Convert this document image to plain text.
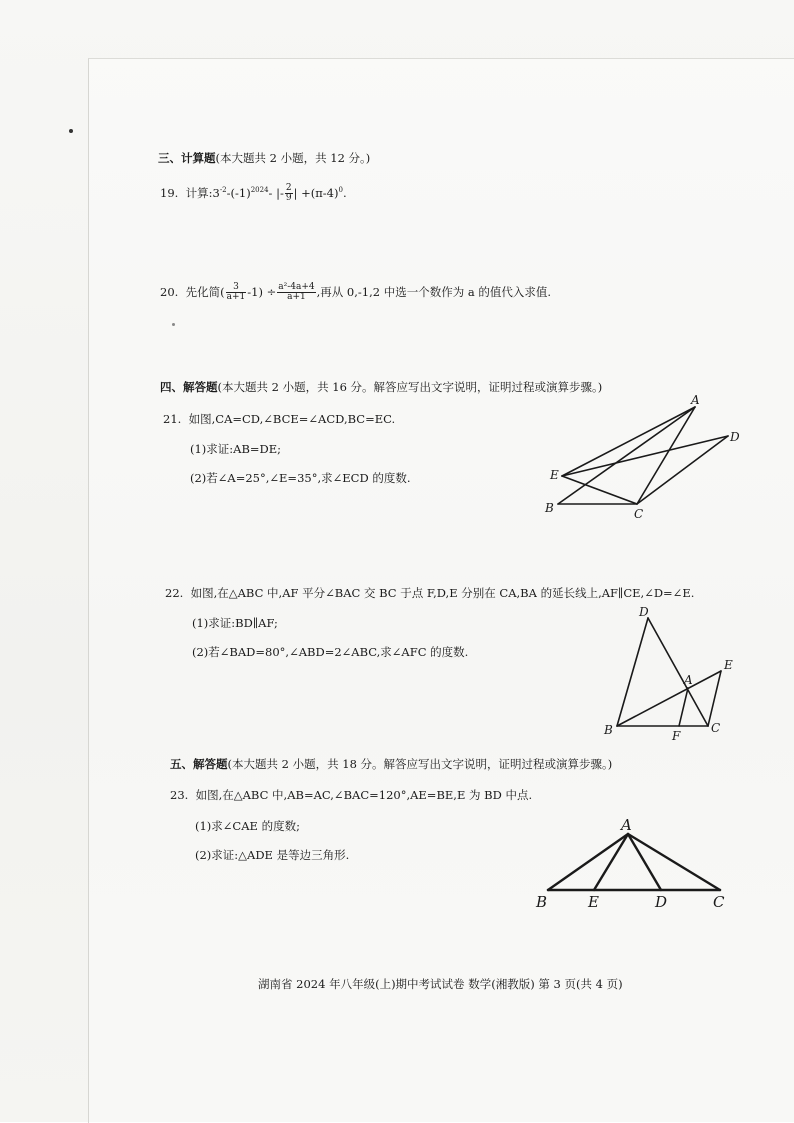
三、计算题(本大题共 2 小题，共 12 分。)
19. 计算$:3^{-2}-(-1)^{2024}-$ |- $\frac{2}{9}$ | $+(\pi-4)^0$.
20. 先化简( $\frac{3}{a+1} -1) \div \frac{\text{a²-4a+4}}{a+1}$ ,再从 0,-1,2 中选一个数作为 a 的值代入求值.
四、解答题(本大题共 2 小题，共 16 分。解答应写出文字说明，证明过程或演算步骤。)
21. 如图,CA=CD,∠BCE=∠ACD,BC=EC.
(1)求证:AB=DE;
(2)若∠A=25°,∠E=35°,求∠ECD 的度数.
A
D
E
B	C
22. 如图,在△ABC 中,AF 平分∠BAC 交 BC 于点 F,D,E 分别在 CA,BA 的延长线上,AF∥CE,∠D=∠E.
(1)求证:BD∥AF;
(2)若∠BAD=80°,∠ABD=2∠ABC,求∠AFC 的度数.
D
E
A
B	F
C
五、解答题(本大题共 2 小题，共 18 分。解答应写出文字说明，证明过程或演算步骤。)
23. 如图,在△ABC 中,AB=AC,∠BAC=120°,AE=BE,E 为 BD 中点.
(1)求∠CAE 的度数;
(2)求证:△ADE 是等边三角形.
A
B	E	D	C
湖南省 2024 年八年级(上)期中考试试卷 数学(湘教版) 第 3 页(共 4 页)
